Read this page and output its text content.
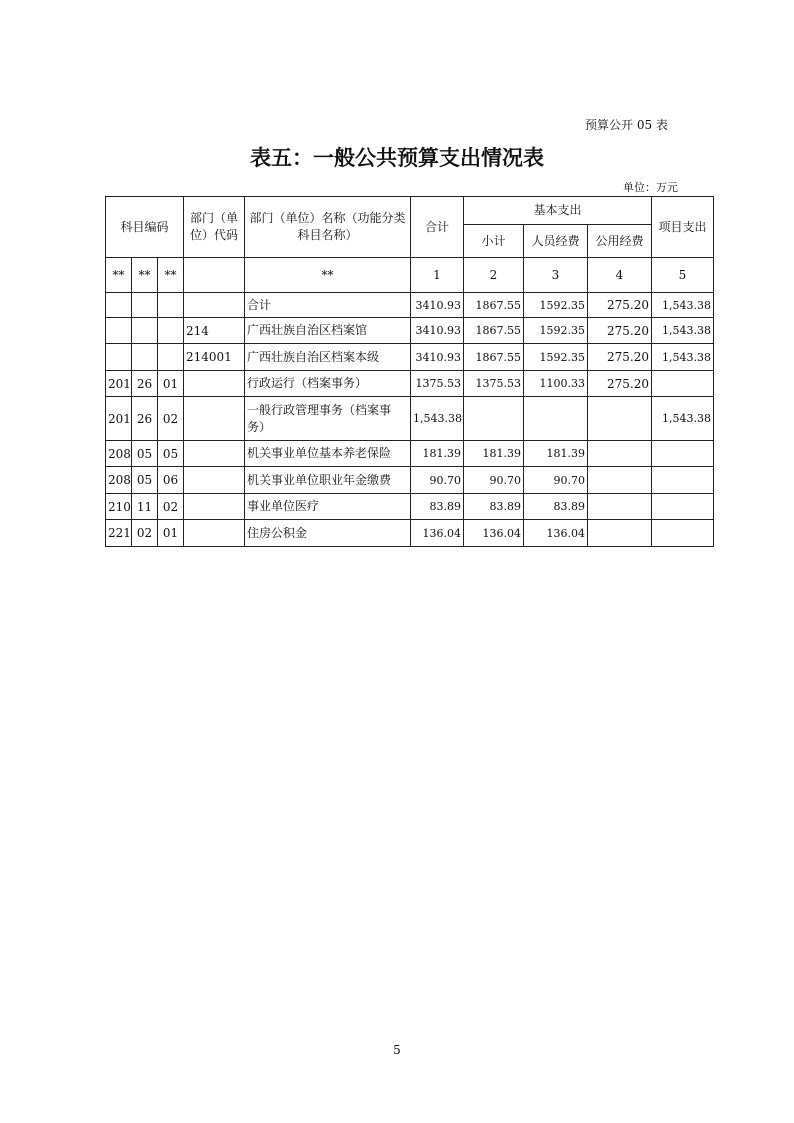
预算公开 05 表
表五：一般公共预算支出情况表
单位：万元
科目编码			部门（单位）代码	部门（单位）名称（功能分类科目名称）	合计	基本支出			项目支出
						小计	人员经费	公用经费	
**	**	**		**	1	2	3	4	5
				合计	3410.93	1867.55	1592.35	275.20	1,543.38
			214	广西壮族自治区档案馆	3410.93	1867.55	1592.35	275.20	1,543.38
			214001	广西壮族自治区档案本级	3410.93	1867.55	1592.35	275.20	1,543.38
201	26	01		行政运行（档案事务）	1375.53	1375.53	1100.33	275.20	
201	26	02		一般行政管理事务（档案事务）	1,543.38				1,543.38
208	05	05		机关事业单位基本养老保险	181.39	181.39	181.39		
208	05	06		机关事业单位职业年金缴费	90.70	90.70	90.70		
210	11	02		事业单位医疗	83.89	83.89	83.89		
221	02	01		住房公积金	136.04	136.04	136.04		
5
